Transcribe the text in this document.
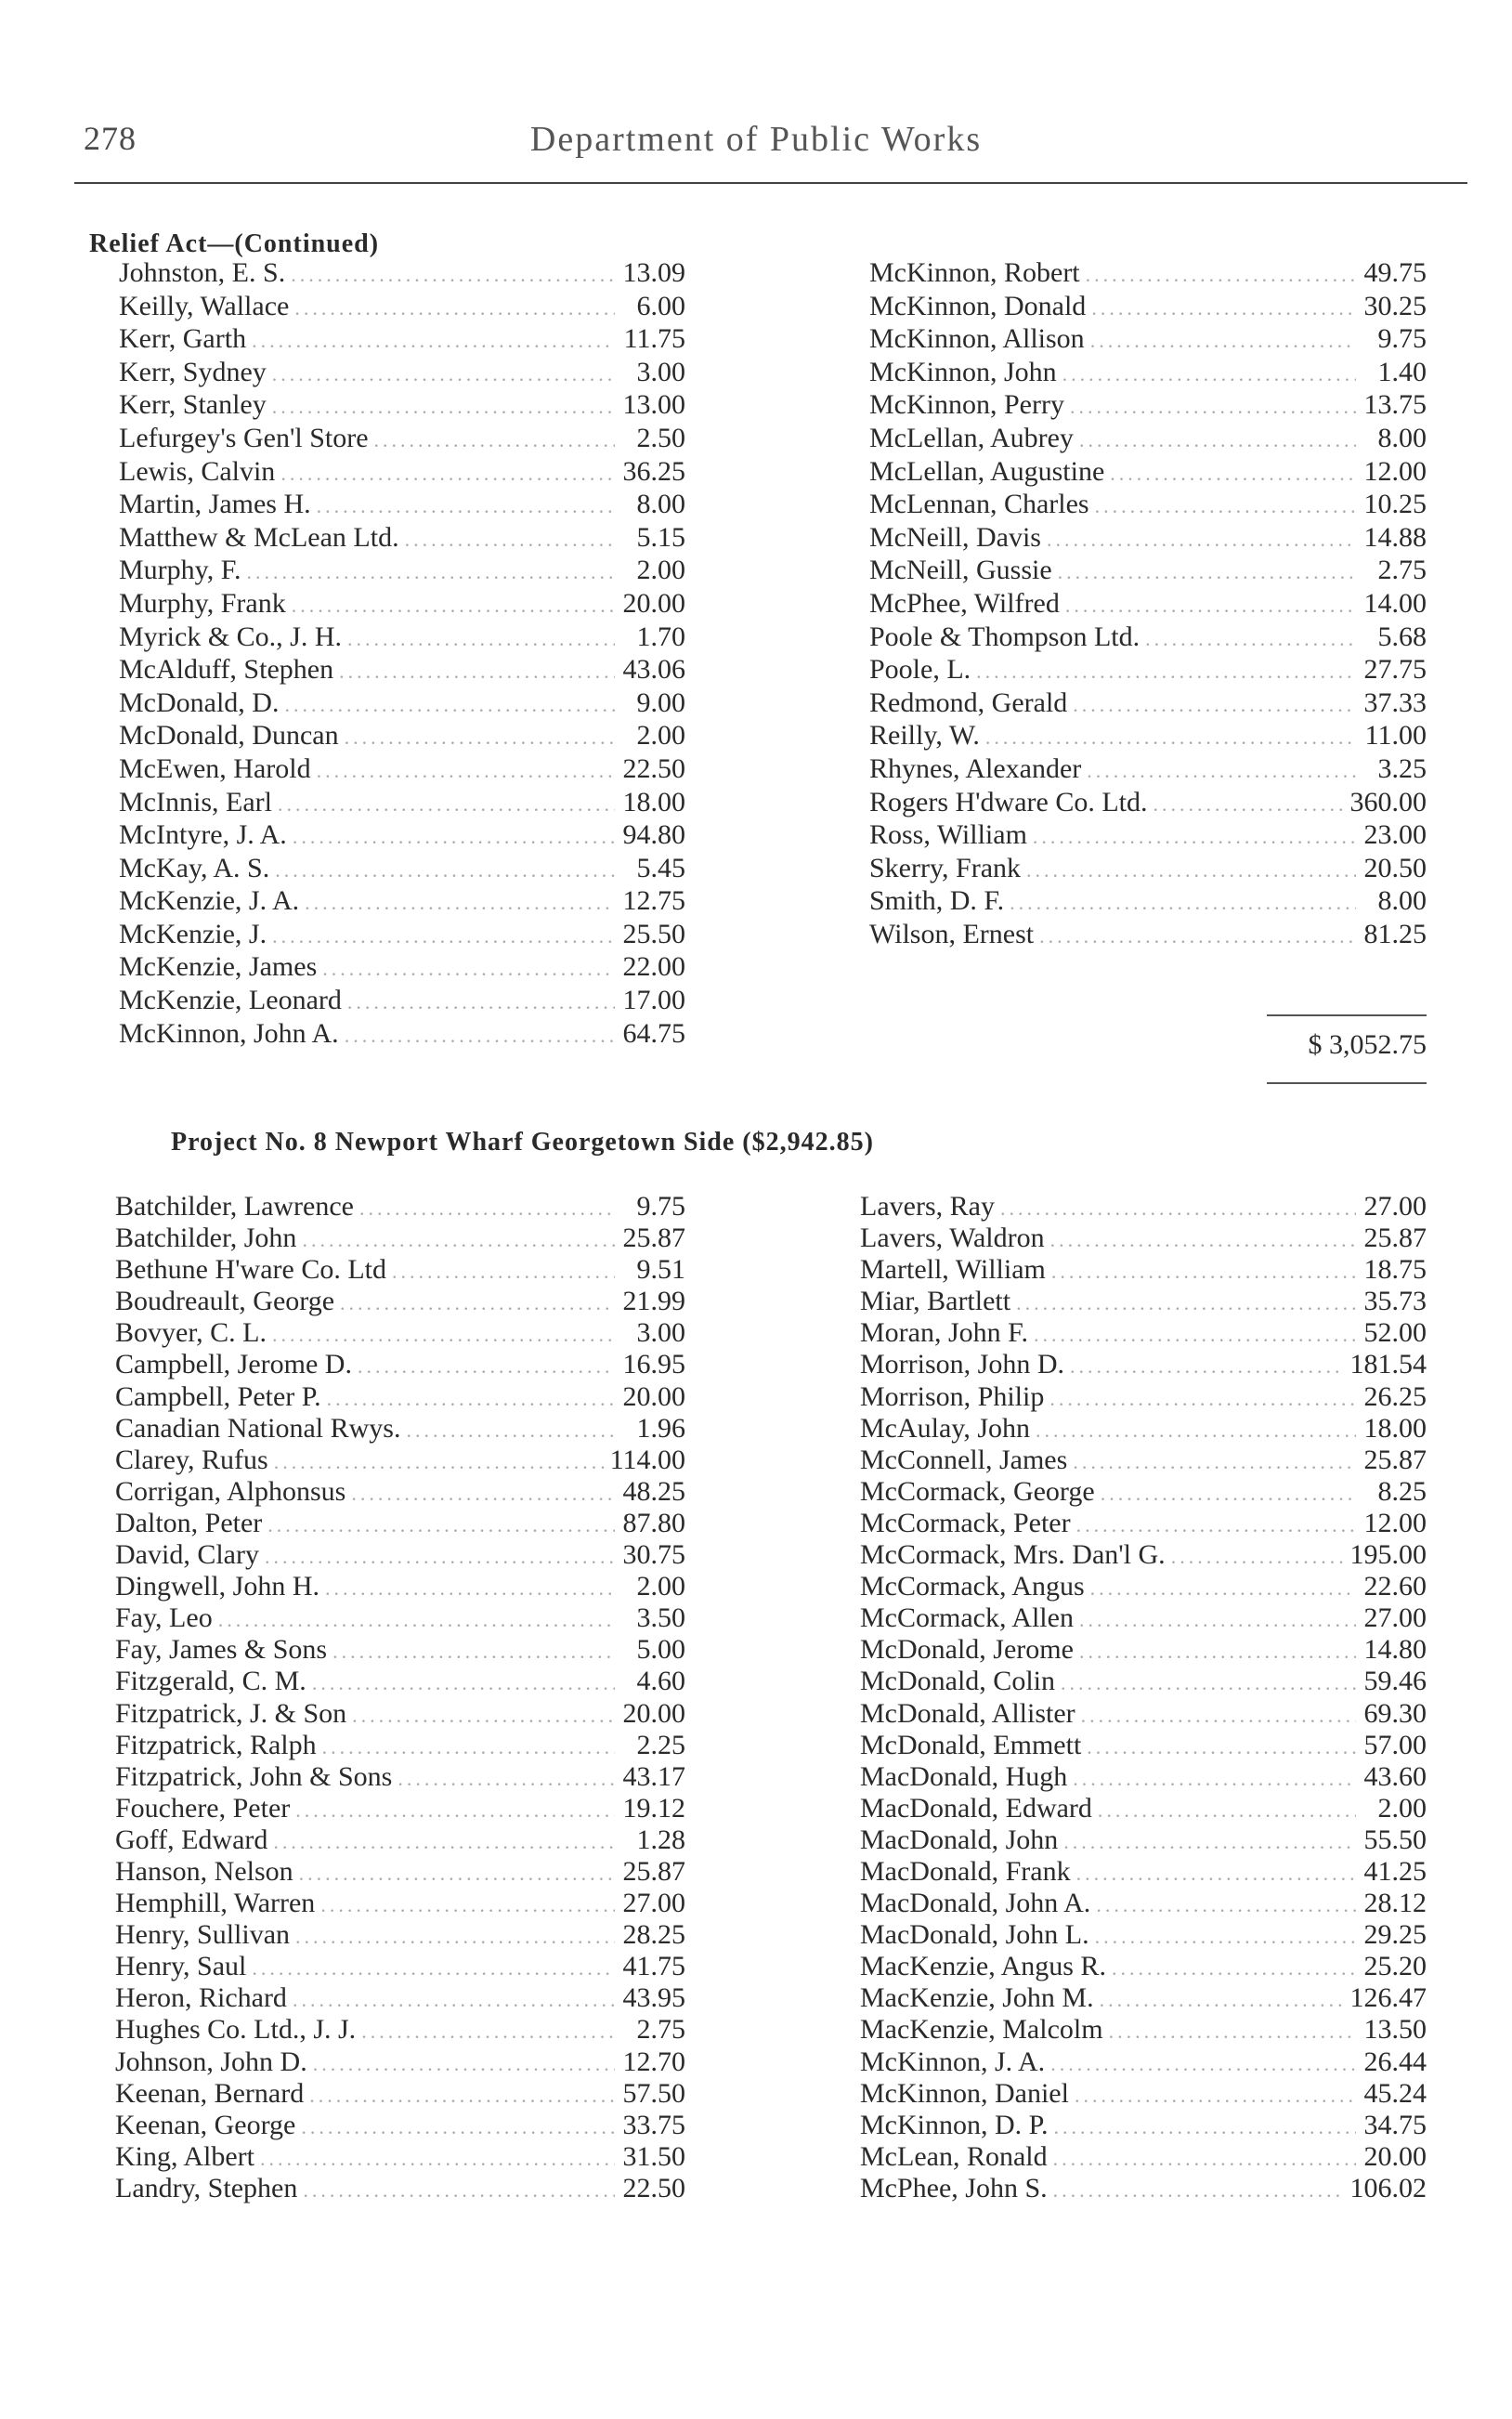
278	Department of Public Works
Relief Act—(Continued)
Johnston, E. S. .....	13.09
Keilly, Wallace .....	6.00
Kerr, Garth .....	11.75
Kerr, Sydney .....	3.00
Kerr, Stanley .....	13.00
Lefurgey's Gen'l Store .....	2.50
Lewis, Calvin .....	36.25
Martin, James H. .....	8.00
Matthew & McLean Ltd. .....	5.15
Murphy, F. .....	2.00
Murphy, Frank .....	20.00
Myrick & Co., J. H. .....	1.70
McAlduff, Stephen .....	43.06
McDonald, D. .....	9.00
McDonald, Duncan .....	2.00
McEwen, Harold .....	22.50
McInnis, Earl .....	18.00
McIntyre, J. A. .....	94.80
McKay, A. S. .....	5.45
McKenzie, J. A. .....	12.75
McKenzie, J. .....	25.50
McKenzie, James .....	22.00
McKenzie, Leonard .....	17.00
McKinnon, John A. .....	64.75
McKinnon, Robert .....	49.75
McKinnon, Donald .....	30.25
McKinnon, Allison .....	9.75
McKinnon, John .....	1.40
McKinnon, Perry .....	13.75
McLellan, Aubrey .....	8.00
McLellan, Augustine .....	12.00
McLennan, Charles .....	10.25
McNeill, Davis .....	14.88
McNeill, Gussie .....	2.75
McPhee, Wilfred .....	14.00
Poole & Thompson Ltd. .....	5.68
Poole, L. .....	27.75
Redmond, Gerald .....	37.33
Reilly, W. .....	11.00
Rhynes, Alexander .....	3.25
Rogers H'dware Co. Ltd. .....	360.00
Ross, William .....	23.00
Skerry, Frank .....	20.50
Smith, D. F. .....	8.00
Wilson, Ernest .....	81.25
$ 3,052.75
Project No. 8 Newport Wharf Georgetown Side ($2,942.85)
Batchilder, Lawrence .....	9.75
Batchilder, John .....	25.87
Bethune H'ware Co. Ltd .....	9.51
Boudreault, George .....	21.99
Bovyer, C. L. .....	3.00
Campbell, Jerome D. .....	16.95
Campbell, Peter P. .....	20.00
Canadian National Rwys. .....	1.96
Clarey, Rufus .....	114.00
Corrigan, Alphonsus .....	48.25
Dalton, Peter .....	87.80
David, Clary .....	30.75
Dingwell, John H. .....	2.00
Fay, Leo .....	3.50
Fay, James & Sons .....	5.00
Fitzgerald, C. M. .....	4.60
Fitzpatrick, J. & Son .....	20.00
Fitzpatrick, Ralph .....	2.25
Fitzpatrick, John & Sons .....	43.17
Fouchere, Peter .....	19.12
Goff, Edward .....	1.28
Hanson, Nelson .....	25.87
Hemphill, Warren .....	27.00
Henry, Sullivan .....	28.25
Henry, Saul .....	41.75
Heron, Richard .....	43.95
Hughes Co. Ltd., J. J. .....	2.75
Johnson, John D. .....	12.70
Keenan, Bernard .....	57.50
Keenan, George .....	33.75
King, Albert .....	31.50
Landry, Stephen .....	22.50
Lavers, Ray .....	27.00
Lavers, Waldron .....	25.87
Martell, William .....	18.75
Miar, Bartlett .....	35.73
Moran, John F. .....	52.00
Morrison, John D. .....	181.54
Morrison, Philip .....	26.25
McAulay, John .....	18.00
McConnell, James .....	25.87
McCormack, George .....	8.25
McCormack, Peter .....	12.00
McCormack, Mrs. Dan'l G. .....	195.00
McCormack, Angus .....	22.60
McCormack, Allen .....	27.00
McDonald, Jerome .....	14.80
McDonald, Colin .....	59.46
McDonald, Allister .....	69.30
McDonald, Emmett .....	57.00
MacDonald, Hugh .....	43.60
MacDonald, Edward .....	2.00
MacDonald, John .....	55.50
MacDonald, Frank .....	41.25
MacDonald, John A. .....	28.12
MacDonald, John L. .....	29.25
MacKenzie, Angus R. .....	25.20
MacKenzie, John M. .....	126.47
MacKenzie, Malcolm .....	13.50
McKinnon, J. A. .....	26.44
McKinnon, Daniel .....	45.24
McKinnon, D. P. .....	34.75
McLean, Ronald .....	20.00
McPhee, John S. .....	106.02
